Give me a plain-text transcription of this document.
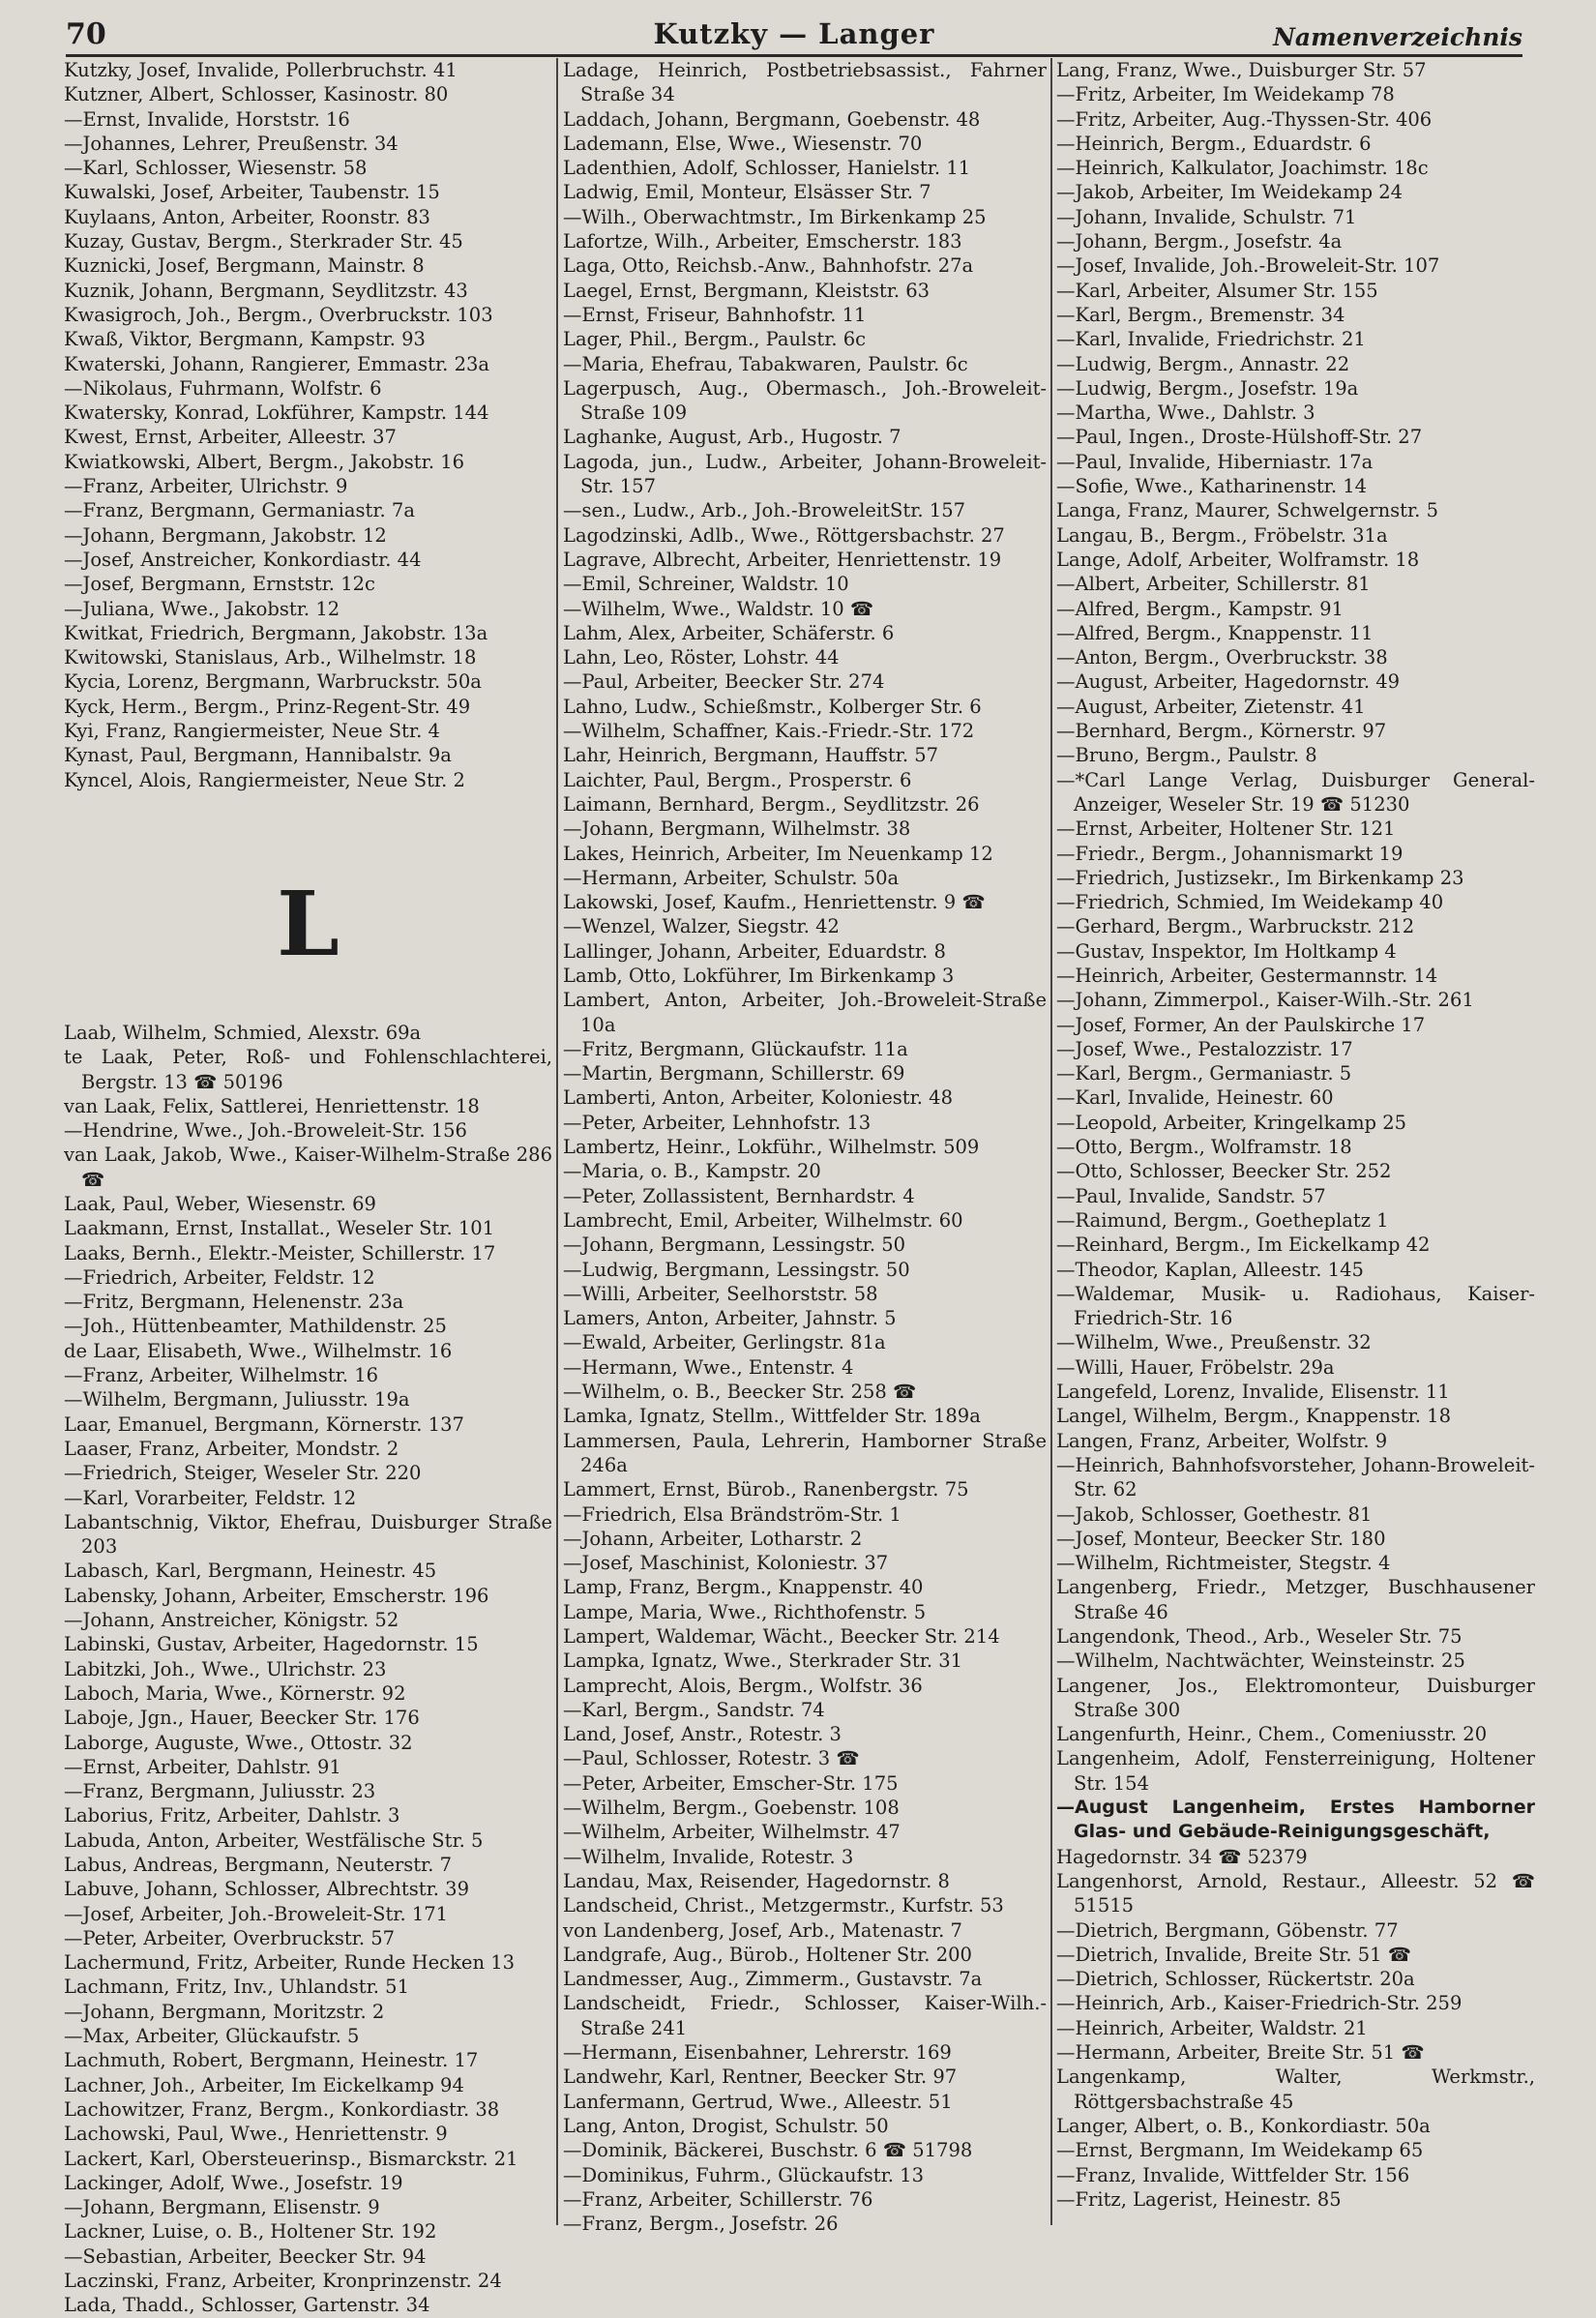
70	Kutzky — Langer	Namenverzeichnis
Kutzky, Josef, Invalide, Pollerbruchstr. 41
Kutzner, Albert, Schlosser, Kasinostr. 80
—Ernst, Invalide, Horststr. 16
—Johannes, Lehrer, Preußenstr. 34
—Karl, Schlosser, Wiesenstr. 58
Kuwalski, Josef, Arbeiter, Taubenstr. 15
Kuylaans, Anton, Arbeiter, Roonstr. 83
Kuzay, Gustav, Bergm., Sterkrader Str. 45
Kuznicki, Josef, Bergmann, Mainstr. 8
Kuznik, Johann, Bergmann, Seydlitzstr. 43
Kwasigroch, Joh., Bergm., Overbruckstr. 103
Kwaß, Viktor, Bergmann, Kampstr. 93
Kwaterski, Johann, Rangierer, Emmastr. 23a
—Nikolaus, Fuhrmann, Wolfstr. 6
Kwatersky, Konrad, Lokführer, Kampstr. 144
Kwest, Ernst, Arbeiter, Alleestr. 37
Kwiatkowski, Albert, Bergm., Jakobstr. 16
—Franz, Arbeiter, Ulrichstr. 9
—Franz, Bergmann, Germaniastr. 7a
—Johann, Bergmann, Jakobstr. 12
—Josef, Anstreicher, Konkordiastr. 44
—Josef, Bergmann, Ernststr. 12c
—Juliana, Wwe., Jakobstr. 12
Kwitkat, Friedrich, Bergmann, Jakobstr. 13a
Kwitowski, Stanislaus, Arb., Wilhelmstr. 18
Kycia, Lorenz, Bergmann, Warbruckstr. 50a
Kyck, Herm., Bergm., Prinz-Regent-Str. 49
Kyi, Franz, Rangiermeister, Neue Str. 4
Kynast, Paul, Bergmann, Hannibalstr. 9a
Kyncel, Alois, Rangiermeister, Neue Str. 2
L
Laab, Wilhelm, Schmied, Alexstr. 69a
te Laak, Peter, Roß- und Fohlenschlachterei, Bergstr. 13 ☎ 50196
van Laak, Felix, Sattlerei, Henriettenstr. 18
—Hendrine, Wwe., Joh.-Broweleit-Str. 156
van Laak, Jakob, Wwe., Kaiser-Wilhelm-Straße 286 ☎
Laak, Paul, Weber, Wiesenstr. 69
Laakmann, Ernst, Installat., Weseler Str. 101
Laaks, Bernh., Elektr.-Meister, Schillerstr. 17
—Friedrich, Arbeiter, Feldstr. 12
—Fritz, Bergmann, Helenenstr. 23a
—Joh., Hüttenbeamter, Mathildenstr. 25
de Laar, Elisabeth, Wwe., Wilhelmstr. 16
—Franz, Arbeiter, Wilhelmstr. 16
—Wilhelm, Bergmann, Juliusstr. 19a
Laar, Emanuel, Bergmann, Körnerstr. 137
Laaser, Franz, Arbeiter, Mondstr. 2
—Friedrich, Steiger, Weseler Str. 220
—Karl, Vorarbeiter, Feldstr. 12
Labantschnig, Viktor, Ehefrau, Duisburger Straße 203
Labasch, Karl, Bergmann, Heinestr. 45
Labensky, Johann, Arbeiter, Emscherstr. 196
—Johann, Anstreicher, Königstr. 52
Labinski, Gustav, Arbeiter, Hagedornstr. 15
Labitzki, Joh., Wwe., Ulrichstr. 23
Laboch, Maria, Wwe., Körnerstr. 92
Laboje, Jgn., Hauer, Beecker Str. 176
Laborge, Auguste, Wwe., Ottostr. 32
—Ernst, Arbeiter, Dahlstr. 91
—Franz, Bergmann, Juliusstr. 23
Laborius, Fritz, Arbeiter, Dahlstr. 3
Labuda, Anton, Arbeiter, Westfälische Str. 5
Labus, Andreas, Bergmann, Neuterstr. 7
Labuve, Johann, Schlosser, Albrechtstr. 39
—Josef, Arbeiter, Joh.-Broweleit-Str. 171
—Peter, Arbeiter, Overbruckstr. 57
Lachermund, Fritz, Arbeiter, Runde Hecken 13
Lachmann, Fritz, Inv., Uhlandstr. 51
—Johann, Bergmann, Moritzstr. 2
—Max, Arbeiter, Glückaufstr. 5
Lachmuth, Robert, Bergmann, Heinestr. 17
Lachner, Joh., Arbeiter, Im Eickelkamp 94
Lachowitzer, Franz, Bergm., Konkordiastr. 38
Lachowski, Paul, Wwe., Henriettenstr. 9
Lackert, Karl, Obersteuerinsp., Bismarckstr. 21
Lackinger, Adolf, Wwe., Josefstr. 19
—Johann, Bergmann, Elisenstr. 9
Lackner, Luise, o. B., Holtener Str. 192
—Sebastian, Arbeiter, Beecker Str. 94
Laczinski, Franz, Arbeiter, Kronprinzenstr. 24
Lada, Thadd., Schlosser, Gartenstr. 34
Ladage, Heinrich, Postbetriebsassist., Fahrner Straße 34
Laddach, Johann, Bergmann, Goebenstr. 48
Lademann, Else, Wwe., Wiesenstr. 70
Ladenthien, Adolf, Schlosser, Hanielstr. 11
Ladwig, Emil, Monteur, Elsässer Str. 7
—Wilh., Oberwachtmstr., Im Birkenkamp 25
Lafortze, Wilh., Arbeiter, Emscherstr. 183
Laga, Otto, Reichsb.-Anw., Bahnhofstr. 27a
Laegel, Ernst, Bergmann, Kleiststr. 63
—Ernst, Friseur, Bahnhofstr. 11
Lager, Phil., Bergm., Paulstr. 6c
—Maria, Ehefrau, Tabakwaren, Paulstr. 6c
Lagerpusch, Aug., Obermasch., Joh.-Broweleit-Straße 109
Laghanke, August, Arb., Hugostr. 7
Lagoda, jun., Ludw., Arbeiter, Johann-Broweleit-Str. 157
—sen., Ludw., Arb., Joh.-BroweleitStr. 157
Lagodzinski, Adlb., Wwe., Röttgersbachstr. 27
Lagrave, Albrecht, Arbeiter, Henriettenstr. 19
—Emil, Schreiner, Waldstr. 10
—Wilhelm, Wwe., Waldstr. 10 ☎
Lahm, Alex, Arbeiter, Schäferstr. 6
Lahn, Leo, Röster, Lohstr. 44
—Paul, Arbeiter, Beecker Str. 274
Lahno, Ludw., Schießmstr., Kolberger Str. 6
—Wilhelm, Schaffner, Kais.-Friedr.-Str. 172
Lahr, Heinrich, Bergmann, Hauffstr. 57
Laichter, Paul, Bergm., Prosperstr. 6
Laimann, Bernhard, Bergm., Seydlitzstr. 26
—Johann, Bergmann, Wilhelmstr. 38
Lakes, Heinrich, Arbeiter, Im Neuenkamp 12
—Hermann, Arbeiter, Schulstr. 50a
Lakowski, Josef, Kaufm., Henriettenstr. 9 ☎
—Wenzel, Walzer, Siegstr. 42
Lallinger, Johann, Arbeiter, Eduardstr. 8
Lamb, Otto, Lokführer, Im Birkenkamp 3
Lambert, Anton, Arbeiter, Joh.-Broweleit-Straße 10a
—Fritz, Bergmann, Glückaufstr. 11a
—Martin, Bergmann, Schillerstr. 69
Lamberti, Anton, Arbeiter, Koloniestr. 48
—Peter, Arbeiter, Lehnhofstr. 13
Lambertz, Heinr., Lokführ., Wilhelmstr. 509
—Maria, o. B., Kampstr. 20
—Peter, Zollassistent, Bernhardstr. 4
Lambrecht, Emil, Arbeiter, Wilhelmstr. 60
—Johann, Bergmann, Lessingstr. 50
—Ludwig, Bergmann, Lessingstr. 50
—Willi, Arbeiter, Seelhorststr. 58
Lamers, Anton, Arbeiter, Jahnstr. 5
—Ewald, Arbeiter, Gerlingstr. 81a
—Hermann, Wwe., Entenstr. 4
—Wilhelm, o. B., Beecker Str. 258 ☎
Lamka, Ignatz, Stellm., Wittfelder Str. 189a
Lammersen, Paula, Lehrerin, Hamborner Straße 246a
Lammert, Ernst, Bürob., Ranenbergstr. 75
—Friedrich, Elsa Brändström-Str. 1
—Johann, Arbeiter, Lotharstr. 2
—Josef, Maschinist, Koloniestr. 37
Lamp, Franz, Bergm., Knappenstr. 40
Lampe, Maria, Wwe., Richthofenstr. 5
Lampert, Waldemar, Wächt., Beecker Str. 214
Lampka, Ignatz, Wwe., Sterkrader Str. 31
Lamprecht, Alois, Bergm., Wolfstr. 36
—Karl, Bergm., Sandstr. 74
Land, Josef, Anstr., Rotestr. 3
—Paul, Schlosser, Rotestr. 3 ☎
—Peter, Arbeiter, Emscher-Str. 175
—Wilhelm, Bergm., Goebenstr. 108
—Wilhelm, Arbeiter, Wilhelmstr. 47
—Wilhelm, Invalide, Rotestr. 3
Landau, Max, Reisender, Hagedornstr. 8
Landscheid, Christ., Metzgermstr., Kurfstr. 53
von Landenberg, Josef, Arb., Matenastr. 7
Landgrafe, Aug., Bürob., Holtener Str. 200
Landmesser, Aug., Zimmerm., Gustavstr. 7a
Landscheidt, Friedr., Schlosser, Kaiser-Wilh.-Straße 241
—Hermann, Eisenbahner, Lehrerstr. 169
Landwehr, Karl, Rentner, Beecker Str. 97
Lanfermann, Gertrud, Wwe., Alleestr. 51
Lang, Anton, Drogist, Schulstr. 50
—Dominik, Bäckerei, Buschstr. 6 ☎ 51798
—Dominikus, Fuhrm., Glückaufstr. 13
—Franz, Arbeiter, Schillerstr. 76
—Franz, Bergm., Josefstr. 26
Lang, Franz, Wwe., Duisburger Str. 57
—Fritz, Arbeiter, Im Weidekamp 78
—Fritz, Arbeiter, Aug.-Thyssen-Str. 406
—Heinrich, Bergm., Eduardstr. 6
—Heinrich, Kalkulator, Joachimstr. 18c
—Jakob, Arbeiter, Im Weidekamp 24
—Johann, Invalide, Schulstr. 71
—Johann, Bergm., Josefstr. 4a
—Josef, Invalide, Joh.-Broweleit-Str. 107
—Karl, Arbeiter, Alsumer Str. 155
—Karl, Bergm., Bremenstr. 34
—Karl, Invalide, Friedrichstr. 21
—Ludwig, Bergm., Annastr. 22
—Ludwig, Bergm., Josefstr. 19a
—Martha, Wwe., Dahlstr. 3
—Paul, Ingen., Droste-Hülshoff-Str. 27
—Paul, Invalide, Hiberniastr. 17a
—Sofie, Wwe., Katharinenstr. 14
Langa, Franz, Maurer, Schwelgernstr. 5
Langau, B., Bergm., Fröbelstr. 31a
Lange, Adolf, Arbeiter, Wolframstr. 18
—Albert, Arbeiter, Schillerstr. 81
—Alfred, Bergm., Kampstr. 91
—Alfred, Bergm., Knappenstr. 11
—Anton, Bergm., Overbruckstr. 38
—August, Arbeiter, Hagedornstr. 49
—August, Arbeiter, Zietenstr. 41
—Bernhard, Bergm., Körnerstr. 97
—Bruno, Bergm., Paulstr. 8
—*Carl Lange Verlag, Duisburger General-Anzeiger, Weseler Str. 19 ☎ 51230
—Ernst, Arbeiter, Holtener Str. 121
—Friedr., Bergm., Johannismarkt 19
—Friedrich, Justizsekr., Im Birkenkamp 23
—Friedrich, Schmied, Im Weidekamp 40
—Gerhard, Bergm., Warbruckstr. 212
—Gustav, Inspektor, Im Holtkamp 4
—Heinrich, Arbeiter, Gestermannstr. 14
—Johann, Zimmerpol., Kaiser-Wilh.-Str. 261
—Josef, Former, An der Paulskirche 17
—Josef, Wwe., Pestalozzistr. 17
—Karl, Bergm., Germaniastr. 5
—Karl, Invalide, Heinestr. 60
—Leopold, Arbeiter, Kringelkamp 25
—Otto, Bergm., Wolframstr. 18
—Otto, Schlosser, Beecker Str. 252
—Paul, Invalide, Sandstr. 57
—Raimund, Bergm., Goetheplatz 1
—Reinhard, Bergm., Im Eickelkamp 42
—Theodor, Kaplan, Alleestr. 145
—Waldemar, Musik- u. Radiohaus, Kaiser-Friedrich-Str. 16
—Wilhelm, Wwe., Preußenstr. 32
—Willi, Hauer, Fröbelstr. 29a
Langefeld, Lorenz, Invalide, Elisenstr. 11
Langel, Wilhelm, Bergm., Knappenstr. 18
Langen, Franz, Arbeiter, Wolfstr. 9
—Heinrich, Bahnhofsvorsteher, Johann-Broweleit-Str. 62
—Jakob, Schlosser, Goethestr. 81
—Josef, Monteur, Beecker Str. 180
—Wilhelm, Richtmeister, Stegstr. 4
Langenberg, Friedr., Metzger, Buschhausener Straße 46
Langendonk, Theod., Arb., Weseler Str. 75
—Wilhelm, Nachtwächter, Weinsteinstr. 25
Langener, Jos., Elektromonteur, Duisburger Straße 300
Langenfurth, Heinr., Chem., Comeniusstr. 20
Langenheim, Adolf, Fensterreinigung, Holtener Str. 154
—August Langenheim, Erstes Hamborner Glas- und Gebäude-Reinigungsgeschäft,
Hagedornstr. 34 ☎ 52379
Langenhorst, Arnold, Restaur., Alleestr. 52 ☎ 51515
—Dietrich, Bergmann, Göbenstr. 77
—Dietrich, Invalide, Breite Str. 51 ☎
—Dietrich, Schlosser, Rückertstr. 20a
—Heinrich, Arb., Kaiser-Friedrich-Str. 259
—Heinrich, Arbeiter, Waldstr. 21
—Hermann, Arbeiter, Breite Str. 51 ☎
Langenkamp, Walter, Werkmstr., Röttgersbachstraße 45
Langer, Albert, o. B., Konkordiastr. 50a
—Ernst, Bergmann, Im Weidekamp 65
—Franz, Invalide, Wittfelder Str. 156
—Fritz, Lagerist, Heinestr. 85
